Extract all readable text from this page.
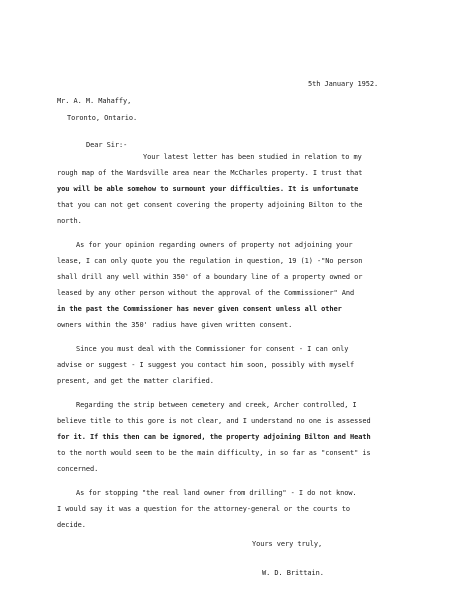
5th January 1952.

Mr. A. M. Mahaffy,

Toronto, Ontario.

Dear Sir:-

Your latest letter has been studied in relation to my

rough map of the Wardsville area near the McCharles property. I trust that

you will be able somehow to surmount your difficulties. It is unfortunate

that you can not get consent covering the property adjoining Bilton to the

north.

As for your opinion regarding owners of property not adjoining your

lease, I can only quote you the regulation in question, 19 (1) -"No person

shall drill any well within 350' of a boundary line of a property owned or

leased by any other person without the approval of the Commissioner" And

in the past the Commissioner has never given consent unless all other

owners within the 350' radius have given written consent.

Since you must deal with the Commissioner for consent - I can only

advise or suggest - I suggest you contact him soon, possibly with myself

present, and get the matter clarified.

Regarding the strip between cemetery and creek, Archer controlled, I

believe title to this gore is not clear, and I understand no one is assessed

for it. If this then can be ignored, the property adjoining Bilton and Heath

to the north would seem to be the main difficulty, in so far as "consent" is

concerned.

As for stopping "the real land owner from drilling" - I do not know.

I would say it was a question for the attorney-general or the courts to

decide.

Yours very truly,

W. D. Brittain.
